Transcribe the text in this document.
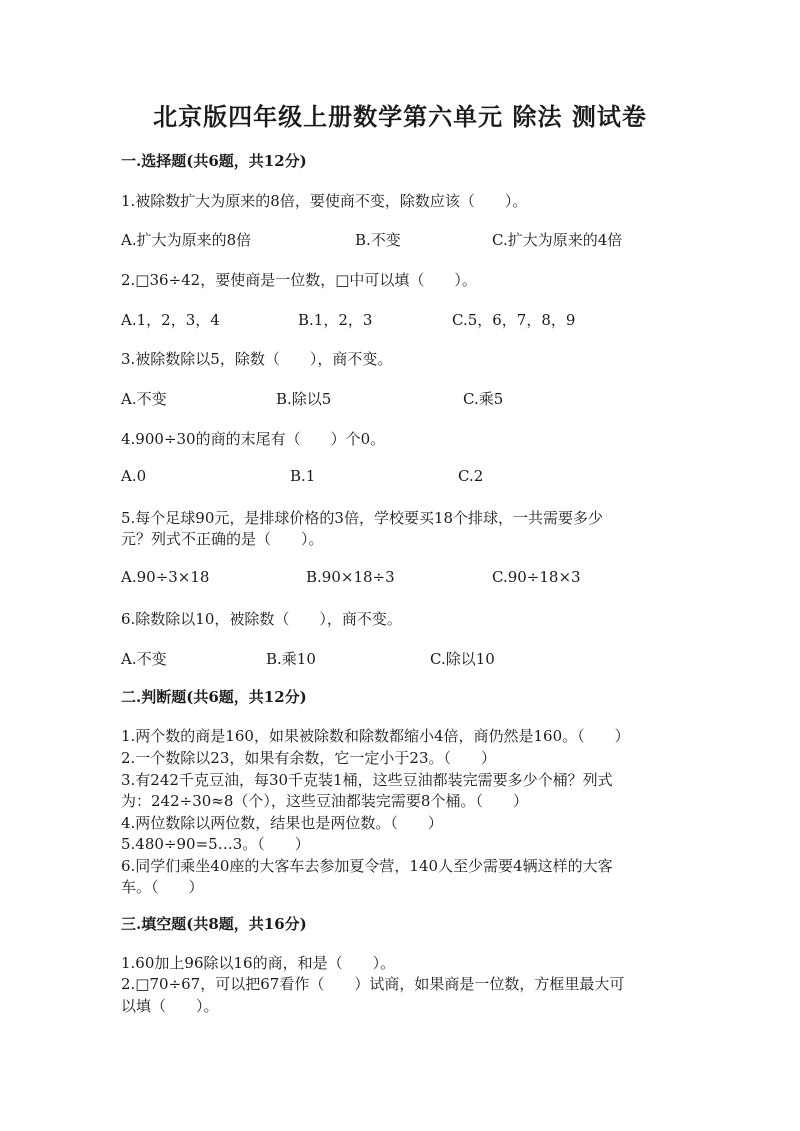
北京版四年级上册数学第六单元 除法 测试卷
一.选择题(共6题，共12分)
1.被除数扩大为原来的8倍，要使商不变，除数应该（　　）。
A.扩大为原来的8倍	B.不变	C.扩大为原来的4倍
2.□36÷42，要使商是一位数，□中可以填（　　）。
A.1，2，3，4	B.1，2，3	C.5，6，7，8，9
3.被除数除以5，除数（　　），商不变。
A.不变	B.除以5	C.乘5
4.900÷30的商的末尾有（　　）个0。
A.0	B.1	C.2
5.每个足球90元，是排球价格的3倍，学校要买18个排球，一共需要多少
元？列式不正确的是（　　）。
A.90÷3×18	B.90×18÷3	C.90÷18×3
6.除数除以10，被除数（　　），商不变。
A.不变	B.乘10	C.除以10
二.判断题(共6题，共12分)
1.两个数的商是160，如果被除数和除数都缩小4倍，商仍然是160。（　　）
2.一个数除以23，如果有余数，它一定小于23。（　　）
3.有242千克豆油，每30千克装1桶，这些豆油都装完需要多少个桶？列式
为：242÷30≈8（个），这些豆油都装完需要8个桶。（　　）
4.两位数除以两位数，结果也是两位数。（　　）
5.480÷90=5…3。（　　）
6.同学们乘坐40座的大客车去参加夏令营，140人至少需要4辆这样的大客
车。（　　）
三.填空题(共8题，共16分)
1.60加上96除以16的商，和是（　　）。
2.□70÷67，可以把67看作（　　）试商，如果商是一位数，方框里最大可
以填（　　）。
